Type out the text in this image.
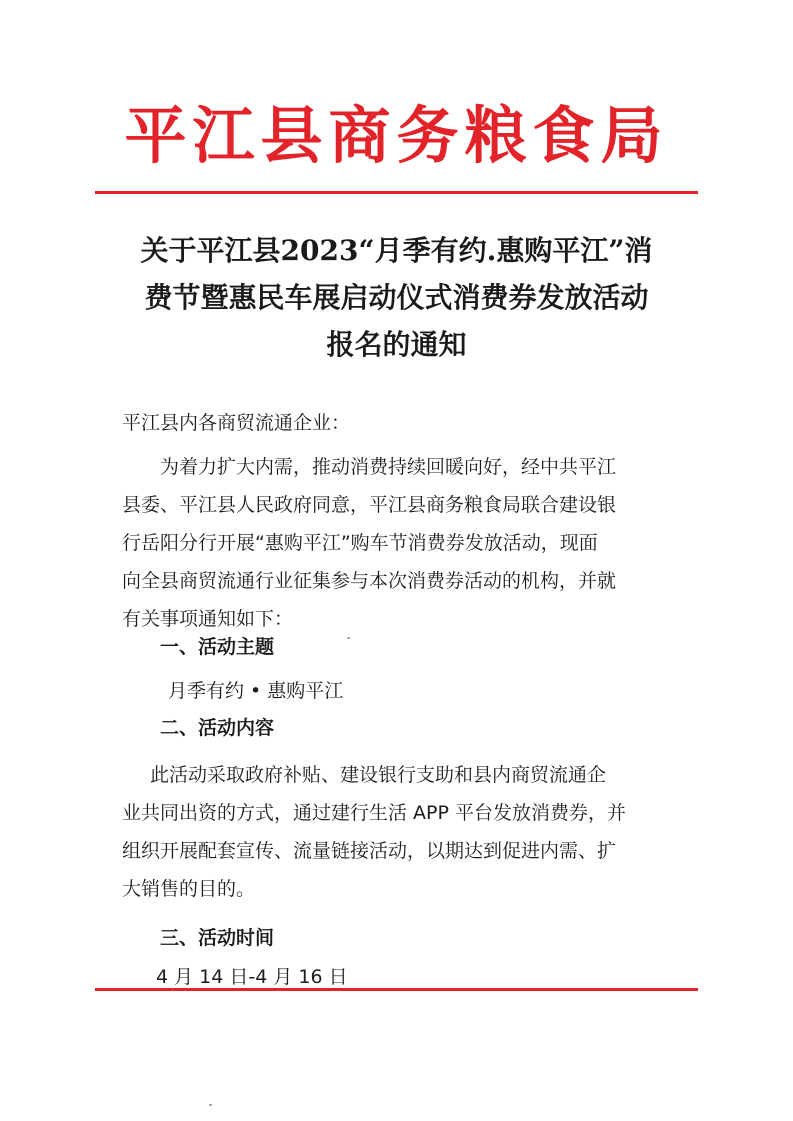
平江县商务粮食局
关于平江县2023“月季有约.惠购平江”消
费节暨惠民车展启动仪式消费券发放活动
报名的通知
平江县内各商贸流通企业：
为着力扩大内需，推动消费持续回暖向好，经中共平江
县委、平江县人民政府同意，平江县商务粮食局联合建设银
行岳阳分行开展“惠购平江”购车节消费券发放活动，现面
向全县商贸流通行业征集参与本次消费券活动的机构，并就
有关事项通知如下：
一、活动主题
月季有约 • 惠购平江
二、活动内容
此活动采取政府补贴、建设银行支助和县内商贸流通企
业共同出资的方式，通过建行生活 APP 平台发放消费券，并
组织开展配套宣传、流量链接活动，以期达到促进内需、扩
大销售的目的。
三、活动时间
4 月 14 日-4 月 16 日
